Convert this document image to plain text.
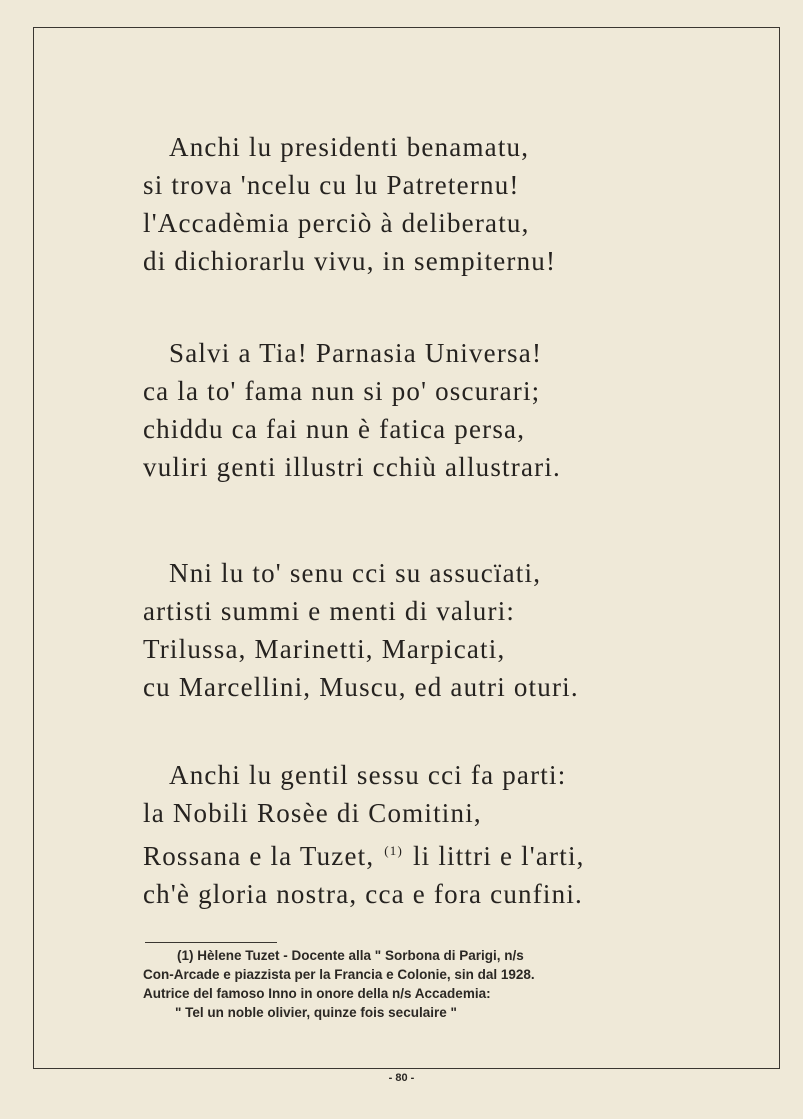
Anchi lu presidenti benamatu,
si trova 'ncelu cu lu Patreternu!
l'Accadèmia perciò à deliberatu,
di dichiorarlu vivu, in sempiternu!
Salvi a Tia! Parnasia Universa!
ca la to' fama nun si po' oscurari;
chiddu ca fai nun è fatica persa,
vuliri genti illustri cchiù allustrari.
Nni lu to' senu cci su assucïati,
artisti summi e menti di valuri:
Trilussa, Marinetti, Marpicati,
cu Marcellini, Muscu, ed autri oturi.
Anchi lu gentil sessu cci fa parti:
la Nobili Rosèe di Comitini,
Rossana e la Tuzet, $^{(1)}$ li littri e l'arti,
ch'è gloria nostra, cca e fora cunfini.
(1) Hèlene Tuzet - Docente alla " Sorbona di Parigi, n/s
Con-Arcade e piazzista per la Francia e Colonie, sin dal 1928.
Autrice del famoso Inno in onore della n/s Accademia:
" Tel un noble olivier, quinze fois seculaire "
- 80 -
